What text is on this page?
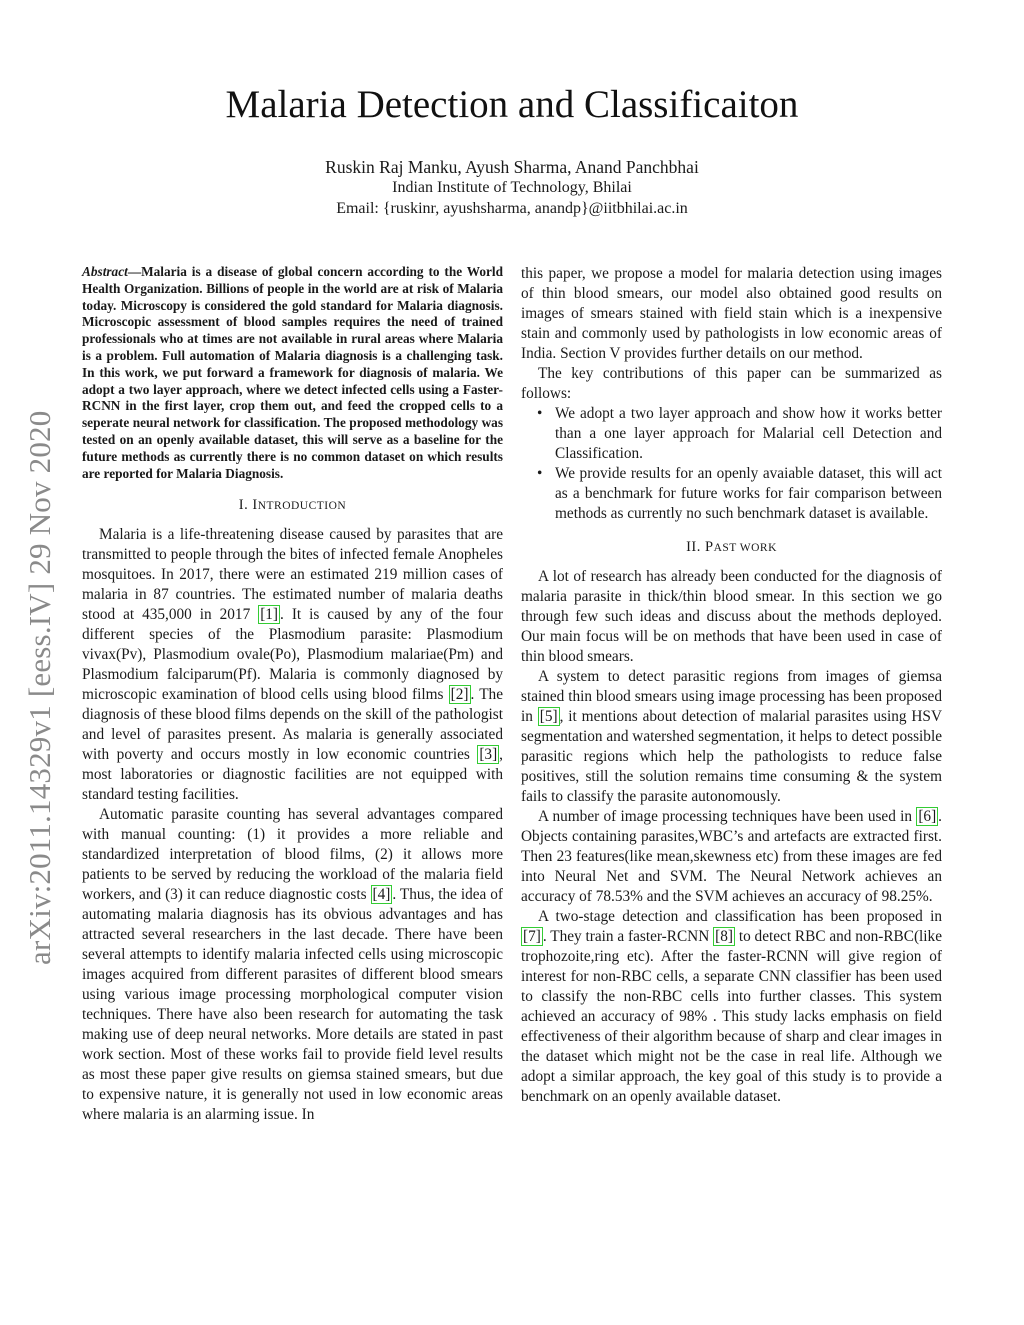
arXiv:2011.14329v1 [eess.IV] 29 Nov 2020
Malaria Detection and Classificaiton
Ruskin Raj Manku, Ayush Sharma, Anand Panchbhai
Indian Institute of Technology, Bhilai
Email: {ruskinr, ayushsharma, anandp}@iitbhilai.ac.in

Abstract—Malaria is a disease of global concern according to the World Health Organization. Billions of people in the world are at risk of Malaria today. Microscopy is considered the gold standard for Malaria diagnosis. Microscopic assessment of blood samples requires the need of trained professionals who at times are not available in rural areas where Malaria is a problem. Full automation of Malaria diagnosis is a challenging task. In this work, we put forward a framework for diagnosis of malaria. We adopt a two layer approach, where we detect infected cells using a Faster-RCNN in the first layer, crop them out, and feed the cropped cells to a seperate neural network for classification. The proposed methodology was tested on an openly available dataset, this will serve as a baseline for the future methods as currently there is no common dataset on which results are reported for Malaria Diagnosis.

I. INTRODUCTION

Malaria is a life-threatening disease caused by parasites that are transmitted to people through the bites of infected female Anopheles mosquitoes. In 2017, there were an estimated 219 million cases of malaria in 87 countries. The estimated number of malaria deaths stood at 435,000 in 2017 [1] . It is caused by any of the four different species of the Plasmodium parasite: Plasmodium vivax(Pv), Plasmodium ovale(Po), Plasmodium malariae(Pm) and Plasmodium falciparum(Pf). Malaria is commonly diagnosed by microscopic examination of blood cells using blood films [2] . The diagnosis of these blood films depends on the skill of the pathologist and level of parasites present. As malaria is generally associated with poverty and occurs mostly in low economic countries [3] , most laboratories or diagnostic facilities are not equipped with standard testing facilities.

Automatic parasite counting has several advantages compared with manual counting: (1) it provides a more reliable and standardized interpretation of blood films, (2) it allows more patients to be served by reducing the workload of the malaria field workers, and (3) it can reduce diagnostic costs [4] . Thus, the idea of automating malaria diagnosis has its obvious advantages and has attracted several researchers in the last decade. There have been several attempts to identify malaria infected cells using microscopic images acquired from different parasites of different blood smears using various image processing morphological computer vision techniques. There have also been research for automating the task making use of deep neural networks. More details are stated in past work section. Most of these works fail to provide field level results as most these paper give results on giemsa stained smears, but due to expensive nature, it is generally not used in low economic areas where malaria is an alarming issue. In

this paper, we propose a model for malaria detection using images of thin blood smears, our model also obtained good results on images of smears stained with field stain which is a inexpensive stain and commonly used by pathologists in low economic areas of India. Section V provides further details on our method.

The key contributions of this paper can be summarized as follows:

• We adopt a two layer approach and show how it works better than a one layer approach for Malarial cell Detection and Classification.
• We provide results for an openly avaiable dataset, this will act as a benchmark for future works for fair comparison between methods as currently no such benchmark dataset is available.
II. PAST WORK

A lot of research has already been conducted for the diagnosis of malaria parasite in thick/thin blood smear. In this section we go through few such ideas and discuss about the methods deployed. Our main focus will be on methods that have been used in case of thin blood smears.

A system to detect parasitic regions from images of giemsa stained thin blood smears using image processing has been proposed in [5] , it mentions about detection of malarial parasites using HSV segmentation and watershed segmentation, it helps to detect possible parasitic regions which help the pathologists to reduce false positives, still the solution remains time consuming & the system fails to classify the parasite autonomously.

A number of image processing techniques have been used in [6] . Objects containing parasites,WBC’s and artefacts are extracted first. Then 23 features(like mean,skewness etc) from these images are fed into Neural Net and SVM. The Neural Network achieves an accuracy of 78.53% and the SVM achieves an accuracy of 98.25%.

A two-stage detection and classification has been proposed in [7] . They train a faster-RCNN [8] to detect RBC and non-RBC(like trophozoite,ring etc). After the faster-RCNN will give region of interest for non-RBC cells, a separate CNN classifier has been used to classify the non-RBC cells into further classes. This system achieved an accuracy of 98% . This study lacks emphasis on field effectiveness of their algorithm because of sharp and clear images in the dataset which might not be the case in real life. Although we adopt a similar approach, the key goal of this study is to provide a benchmark on an openly available dataset.
